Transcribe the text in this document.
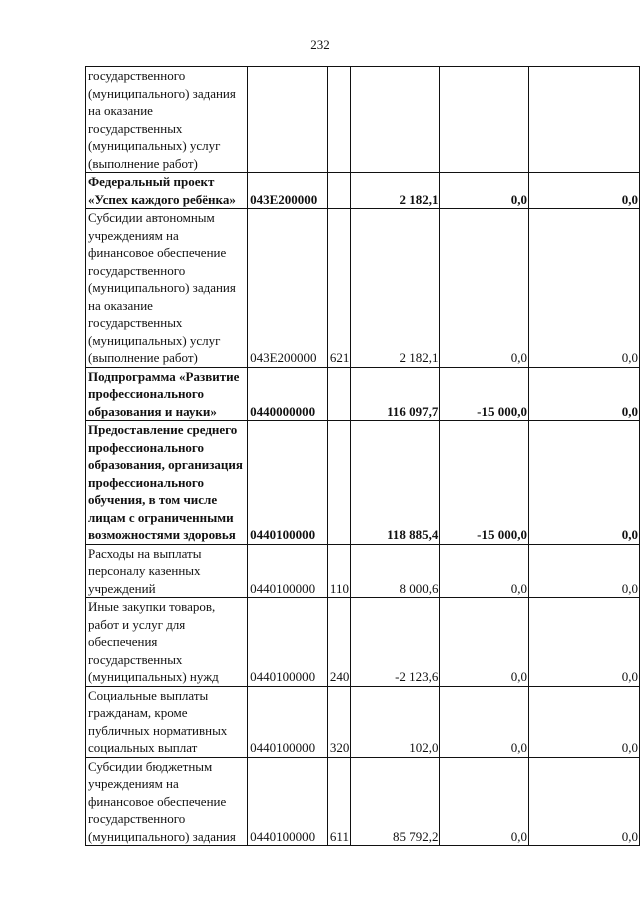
232
государственного (муниципального) задания на оказание государственных (муниципальных) услуг (выполнение работ)					
Федеральный проект «Успех каждого ребёнка»	043E200000		2 182,1	0,0	0,0
Субсидии автономным учреждениям на финансовое обеспечение государственного (муниципального) задания на оказание государственных (муниципальных) услуг (выполнение работ)	043E200000	621	2 182,1	0,0	0,0
Подпрограмма «Развитие профессионального образования и науки»	0440000000		116 097,7	-15 000,0	0,0
Предоставление среднего профессионального образования, организация профессионального обучения, в том числе лицам с ограниченными возможностями здоровья	0440100000		118 885,4	-15 000,0	0,0
Расходы на выплаты персоналу казенных учреждений	0440100000	110	8 000,6	0,0	0,0
Иные закупки товаров, работ и услуг для обеспечения государственных (муниципальных) нужд	0440100000	240	-2 123,6	0,0	0,0
Социальные выплаты гражданам, кроме публичных нормативных социальных выплат	0440100000	320	102,0	0,0	0,0
Субсидии бюджетным учреждениям на финансовое обеспечение государственного (муниципального) задания	0440100000	611	85 792,2	0,0	0,0
